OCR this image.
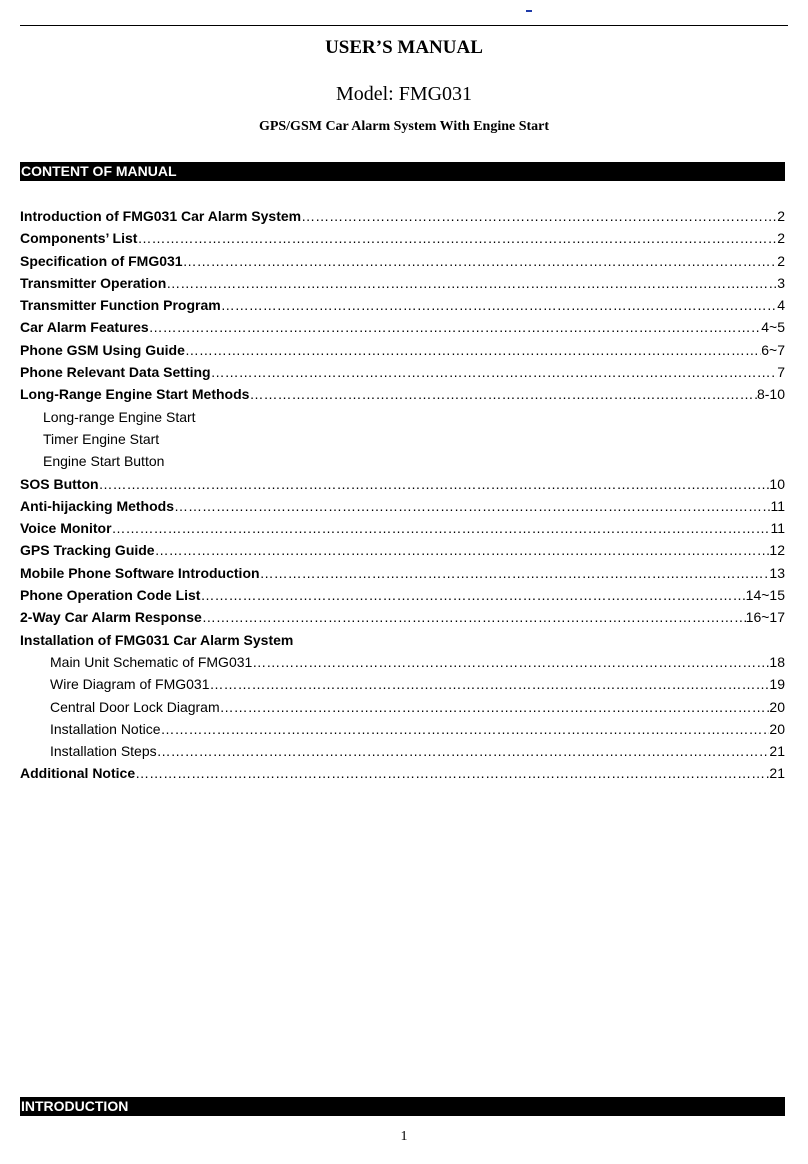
USER’S MANUAL
Model: FMG031
GPS/GSM Car Alarm System With Engine Start
CONTENT OF MANUAL
Introduction of FMG031 Car Alarm System ……………………………………………………………………………………………………………………………………………………………………………………………………	2
Components’ List ……………………………………………………………………………………………………………………………………………………………………………………………………	2
Specification of FMG031 ……………………………………………………………………………………………………………………………………………………………………………………………………	2
Transmitter Operation ……………………………………………………………………………………………………………………………………………………………………………………………………	3
Transmitter Function Program ……………………………………………………………………………………………………………………………………………………………………………………………………	4
Car Alarm Features ……………………………………………………………………………………………………………………………………………………………………………………………………	4~5
Phone GSM Using Guide ……………………………………………………………………………………………………………………………………………………………………………………………………	6~7
Phone Relevant Data Setting ……………………………………………………………………………………………………………………………………………………………………………………………………	7
Long-Range Engine Start Methods ……………………………………………………………………………………………………………………………………………………………………………………………………	8-10
Long-range Engine Start
Timer Engine Start
Engine Start Button
SOS Button ……………………………………………………………………………………………………………………………………………………………………………………………………	10
Anti-hijacking Methods ……………………………………………………………………………………………………………………………………………………………………………………………………	11
Voice Monitor ……………………………………………………………………………………………………………………………………………………………………………………………………	11
GPS Tracking Guide ……………………………………………………………………………………………………………………………………………………………………………………………………	12
Mobile Phone Software Introduction ……………………………………………………………………………………………………………………………………………………………………………………………………	13
Phone Operation Code List ……………………………………………………………………………………………………………………………………………………………………………………………………	14~15
2-Way Car Alarm Response ……………………………………………………………………………………………………………………………………………………………………………………………………	16~17
Installation of FMG031 Car Alarm System
Main Unit Schematic of FMG031 ……………………………………………………………………………………………………………………………………………………………………………………………………	18
Wire Diagram of FMG031 ……………………………………………………………………………………………………………………………………………………………………………………………………	19
Central Door Lock Diagram ……………………………………………………………………………………………………………………………………………………………………………………………………	20
Installation Notice ……………………………………………………………………………………………………………………………………………………………………………………………………	20
Installation Steps ……………………………………………………………………………………………………………………………………………………………………………………………………	21
Additional Notice ……………………………………………………………………………………………………………………………………………………………………………………………………	21
INTRODUCTION
1
